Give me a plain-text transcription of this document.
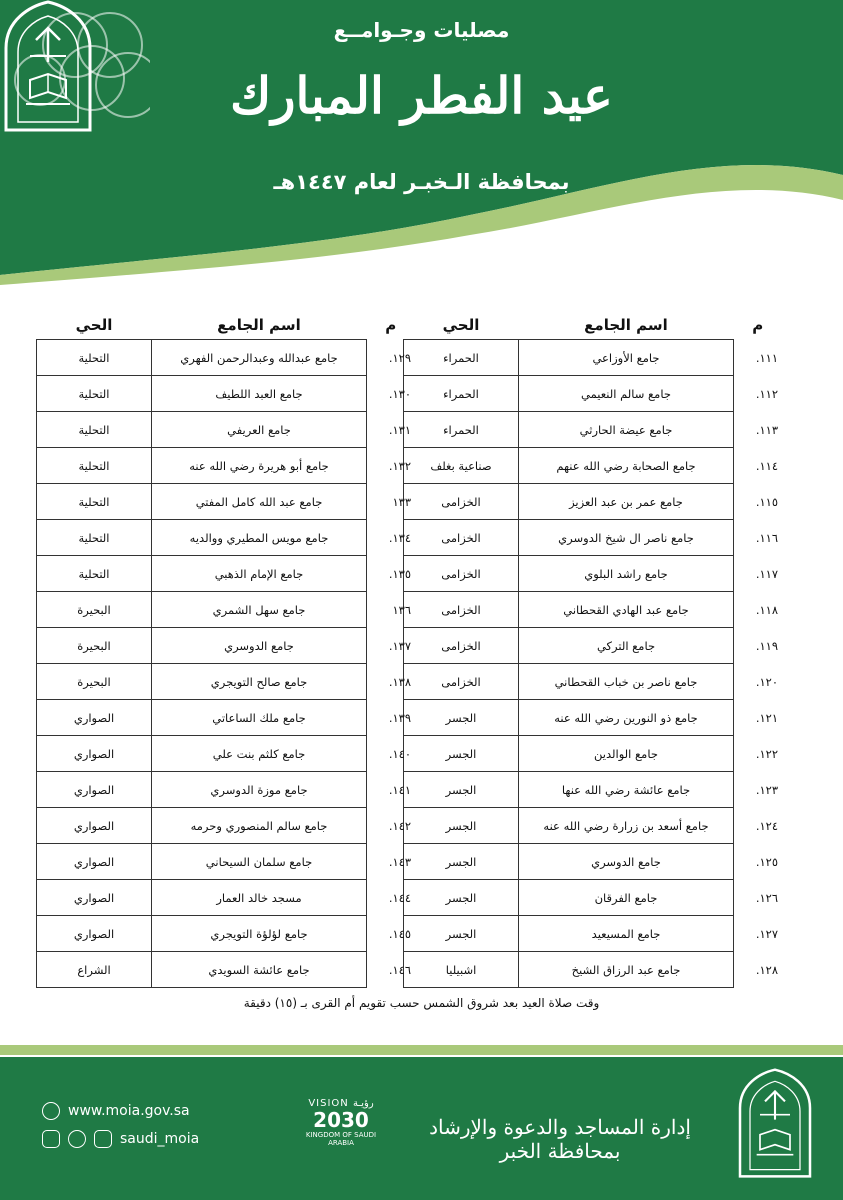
مصليات وجـوامــع
عيد الفطر المبارك
بمحافظة الـخبـر لعام ١٤٤٧هـ
م	اسم الجامع	الحي
١١١.	جامع الأوزاعي	الحمراء
١١٢.	جامع سالم النعيمي	الحمراء
١١٣.	جامع عيضة الحارثي	الحمراء
١١٤.	جامع الصحابة رضي الله عنهم	صناعية بغلف
١١٥.	جامع عمر بن عبد العزيز	الخزامى
١١٦.	جامع ناصر ال شيخ الدوسري	الخزامى
١١٧.	جامع راشد البلوي	الخزامى
١١٨.	جامع عبد الهادي القحطاني	الخزامى
١١٩.	جامع التركي	الخزامى
١٢٠.	جامع ناصر بن خباب القحطاني	الخزامى
١٢١.	جامع ذو النورين رضي الله عنه	الجسر
١٢٢.	جامع الوالدين	الجسر
١٢٣.	جامع عائشة رضي الله عنها	الجسر
١٢٤.	جامع أسعد بن زرارة رضي الله عنه	الجسر
١٢٥.	جامع الدوسري	الجسر
١٢٦.	جامع الفرقان	الجسر
١٢٧.	جامع المسيعيد	الجسر
١٢٨.	جامع عبد الرزاق الشيخ	اشبيليا
م	اسم الجامع	الحي
١٢٩.	جامع عبدالله وعبدالرحمن الفهري	التحلية
١٣٠.	جامع العبد اللطيف	التحلية
١٣١.	جامع العريفي	التحلية
١٣٢.	جامع أبو هريرة رضي الله عنه	التحلية
١٣٣	جامع عبد الله كامل المفتي	التحلية
١٣٤.	جامع مويس المطيري ووالديه	التحلية
١٣٥.	جامع الإمام الذهبي	التحلية
١٣٦	جامع سهل الشمري	البحيرة
١٣٧.	جامع الدوسري	البحيرة
١٣٨.	جامع صالح التويجري	البحيرة
١٣٩.	جامع ملك الساعاتي	الصواري
١٤٠.	جامع كلثم بنت علي	الصواري
١٤١.	جامع موزة الدوسري	الصواري
١٤٢.	جامع سالم المنصوري وحرمه	الصواري
١٤٣.	جامع سلمان السيحاني	الصواري
١٤٤.	مسجد خالد العمار	الصواري
١٤٥.	جامع لؤلؤة التويجري	الصواري
١٤٦.	جامع عائشة السويدي	الشراع
وقت صلاة العيد بعد شروق الشمس حسب تقويم أم القرى بـ (١٥) دقيقة
www.moia.gov.sa
saudi_moia
VISION رؤيـة
2030
KINGDOM OF SAUDI ARABIA
إدارة المساجد والدعوة والإرشاد بمحافظة الخبر
